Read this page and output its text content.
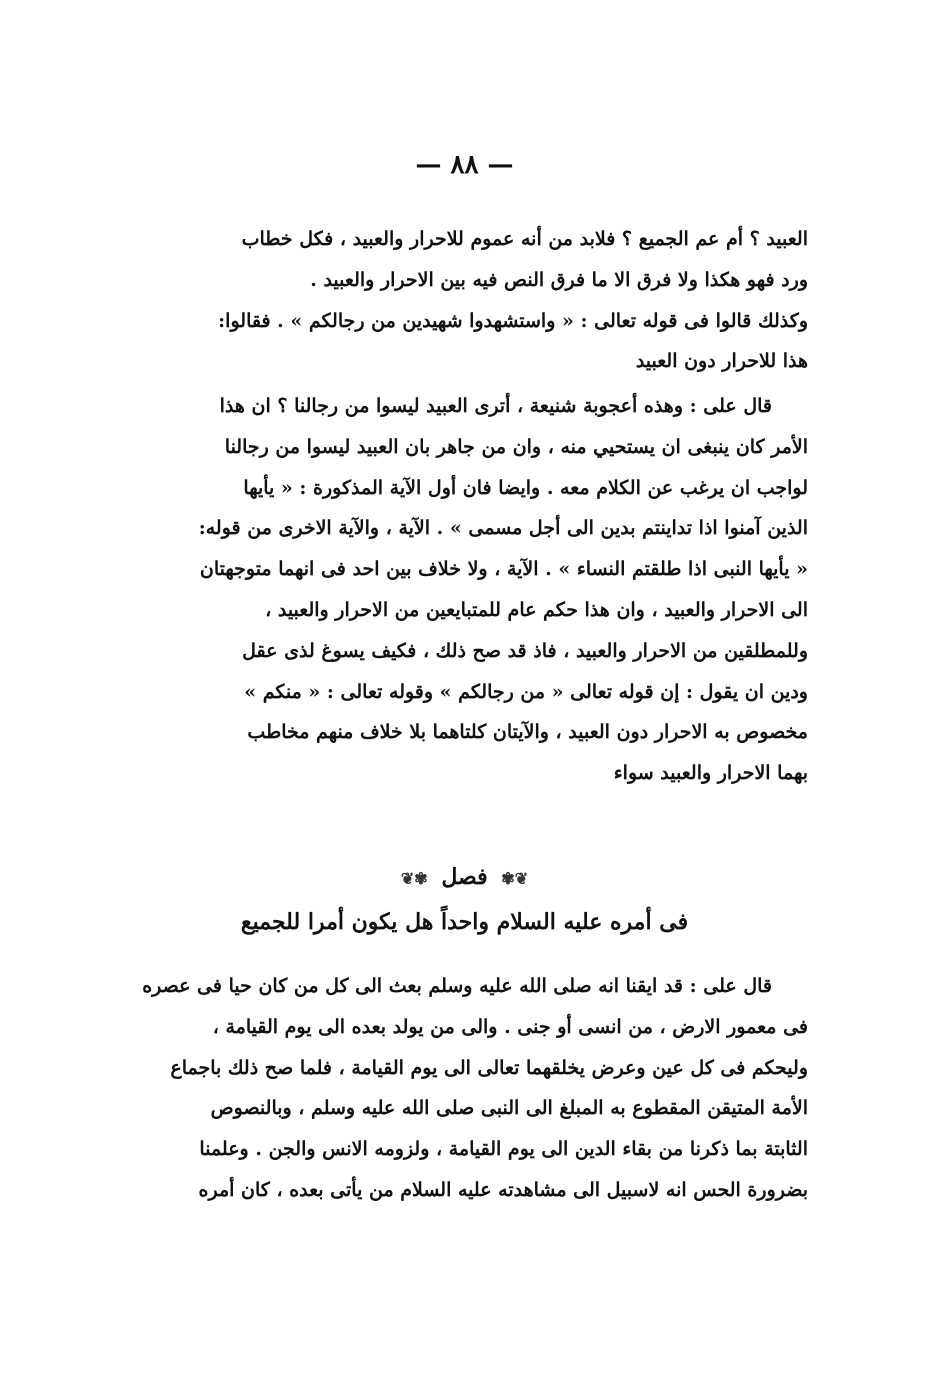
— ٨٨ —
العبيد ؟ أم عم الجميع ؟ فلابد من أنه عموم للاحرار والعبيد ، فكل خطاب
ورد فهو هكذا ولا فرق الا ما فرق النص فيه بين الاحرار والعبيد .
وكذلك قالوا فى قوله تعالى : « واستشهدوا شهيدين من رجالكم » . فقالوا:
هذا للاحرار دون العبيد
قال على : وهذه أعجوبة شنيعة ، أترى العبيد ليسوا من رجالنا ؟ ان هذا
الأمر كان ينبغى ان يستحيي منه ، وان من جاهر بان العبيد ليسوا من رجالنا
لواجب ان يرغب عن الكلام معه . وايضا فان أول الآية المذكورة : « يأيها
الذين آمنوا اذا تداينتم بدين الى أجل مسمى » . الآية ، والآية الاخرى من قوله:
« يأيها النبى اذا طلقتم النساء » . الآية ، ولا خلاف بين احد فى انهما متوجهتان
الى الاحرار والعبيد ، وان هذا حكم عام للمتبايعين من الاحرار والعبيد ،
وللمطلقين من الاحرار والعبيد ، فاذ قد صح ذلك ، فكيف يسوغ لذى عقل
ودين ان يقول : إن قوله تعالى « من رجالكم » وقوله تعالى : « منكم »
مخصوص به الاحرار دون العبيد ، والآيتان كلتاهما بلا خلاف منهم مخاطب
بهما الاحرار والعبيد سواء
❦✾ فصل ✾❦
فى أمره عليه السلام واحداً هل يكون أمرا للجميع
قال على : قد ايقنا انه صلى الله عليه وسلم بعث الى كل من كان حيا فى عصره
فى معمور الارض ، من انسى أو جنى . والى من يولد بعده الى يوم القيامة ،
وليحكم فى كل عين وعرض يخلقهما تعالى الى يوم القيامة ، فلما صح ذلك باجماع
الأمة المتيقن المقطوع به المبلغ الى النبى صلى الله عليه وسلم ، وبالنصوص
الثابتة بما ذكرنا من بقاء الدين الى يوم القيامة ، ولزومه الانس والجن . وعلمنا
بضرورة الحس انه لاسبيل الى مشاهدته عليه السلام من يأتى بعده ، كان أمره
